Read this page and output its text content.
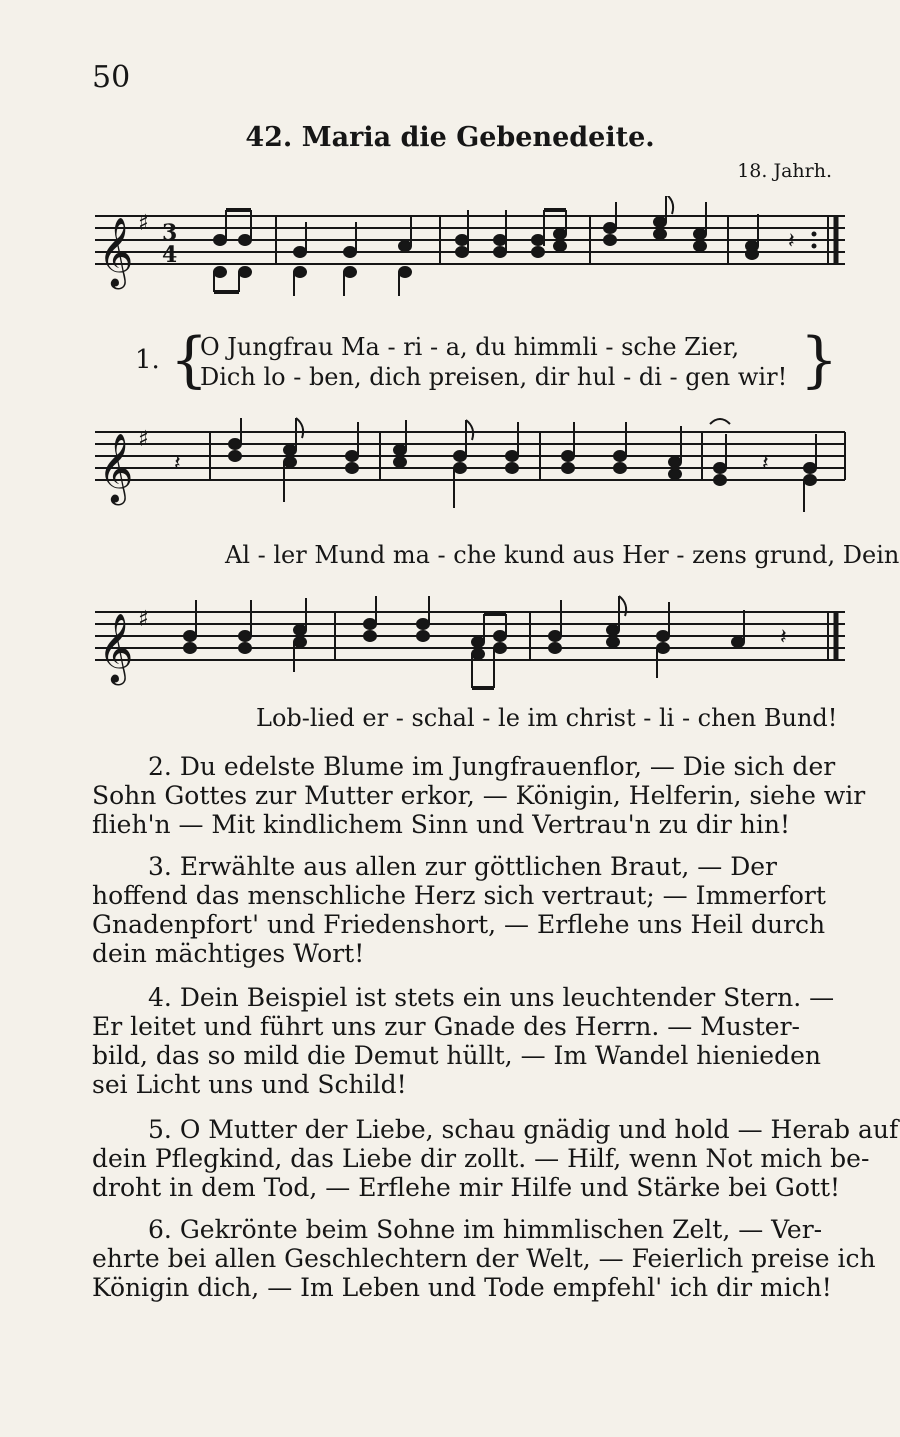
50
42. Maria die Gebenedeite.
18. Jahrh.
𝄞 ♯ 3
4
𝄽
1. {	}
O Jungfrau Ma - ri - a, du himmli - sche Zier,
Dich lo - ben, dich preisen, dir hul - di - gen wir!
𝄞 ♯
𝄽	𝄽
Al - ler Mund ma - che kund aus Her - zens grund, Dein
𝄞 ♯
𝄽
Lob-lied er - schal - le im christ - li - chen Bund!
2. Du edelste Blume im Jungfrauenflor, — Die sich der
Sohn Gottes zur Mutter erkor, — Königin, Helferin, siehe wir
flieh'n — Mit kindlichem Sinn und Vertrau'n zu dir hin!
3. Erwählte aus allen zur göttlichen Braut, — Der
hoffend das menschliche Herz sich vertraut; — Immerfort
Gnadenpfort' und Friedenshort, — Erflehe uns Heil durch
dein mächtiges Wort!
4. Dein Beispiel ist stets ein uns leuchtender Stern. —
Er leitet und führt uns zur Gnade des Herrn. — Muster-
bild, das so mild die Demut hüllt, — Im Wandel hienieden
sei Licht uns und Schild!
5. O Mutter der Liebe, schau gnädig und hold — Herab auf
dein Pflegkind, das Liebe dir zollt. — Hilf, wenn Not mich be-
droht in dem Tod, — Erflehe mir Hilfe und Stärke bei Gott!
6. Gekrönte beim Sohne im himmlischen Zelt, — Ver-
ehrte bei allen Geschlechtern der Welt, — Feierlich preise ich
Königin dich, — Im Leben und Tode empfehl' ich dir mich!
